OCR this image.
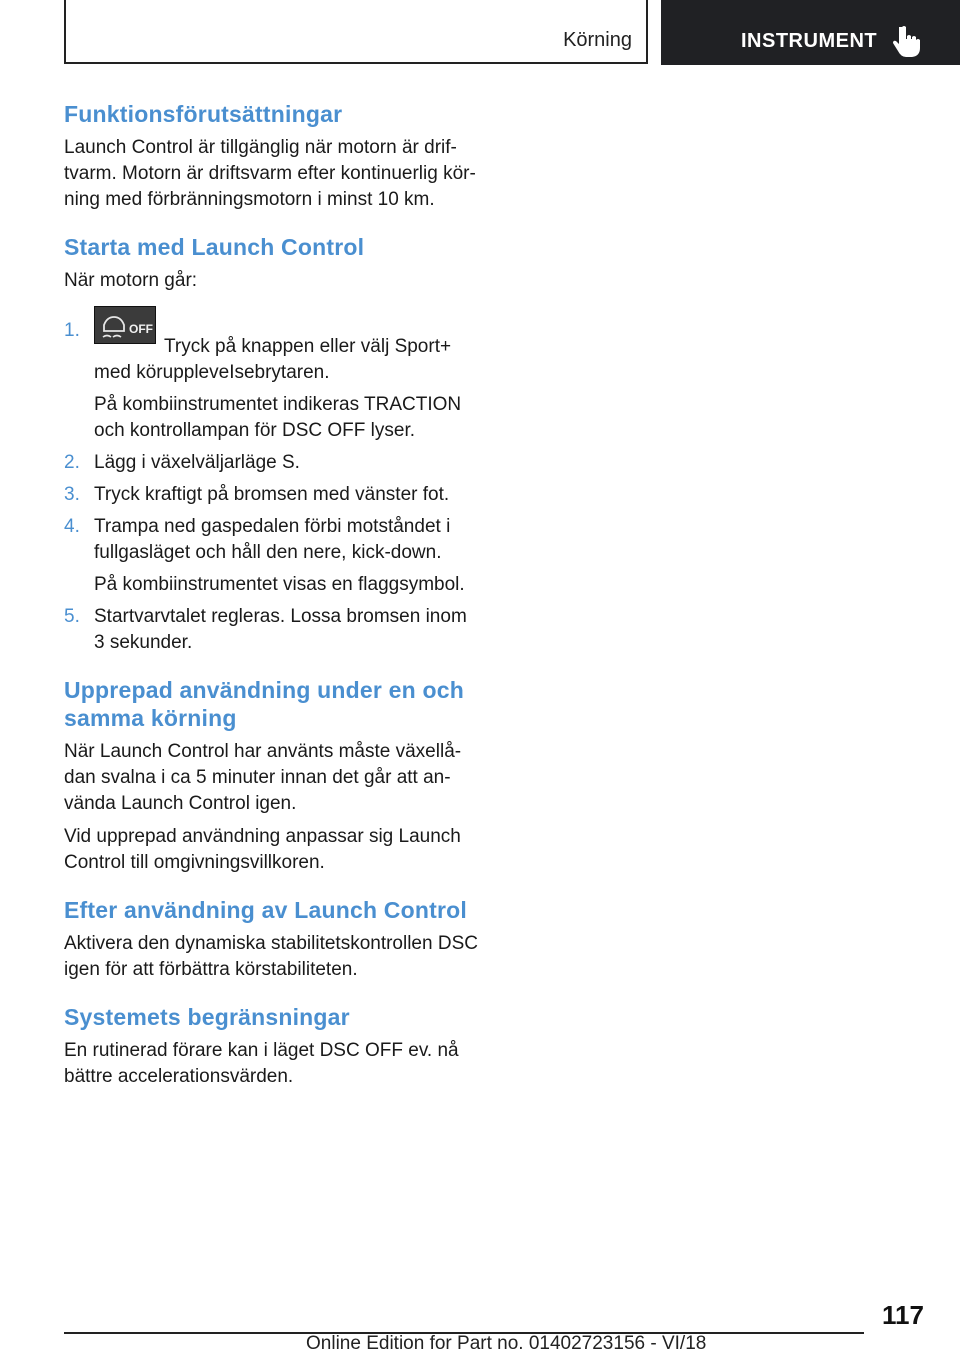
Körning	INSTRUMENT
Funktionsförutsättningar

Launch Control är tillgänglig när motorn är drif-
tvarm. Motorn är driftsvarm efter kontinuerlig kör-
ning med förbränningsmotorn i minst 10 km.

Starta med Launch Control

När motorn går:

1.	OFF
Tryck på knappen eller välj Sport+
med köruppleveIsebrytaren.
På kombiinstrumentet indikeras TRACTION
och kontrollampan för DSC OFF lyser.
2. Lägg i växelväljarläge S.
3. Tryck kraftigt på bromsen med vänster fot.
4. Trampa ned gaspedalen förbi motståndet i
fullgasläget och håll den nere, kick-down.
På kombiinstrumentet visas en flaggsymbol.
5. Startvarvtalet regleras. Lossa bromsen inom
3 sekunder.
Upprepad användning under en och
samma körning

När Launch Control har använts måste växellå-
dan svalna i ca 5 minuter innan det går att an-
vända Launch Control igen.

Vid upprepad användning anpassar sig Launch
Control till omgivningsvillkoren.

Efter användning av Launch Control

Aktivera den dynamiska stabilitetskontrollen DSC
igen för att förbättra körstabiliteten.

Systemets begränsningar

En rutinerad förare kan i läget DSC OFF ev. nå
bättre accelerationsvärden.

117
Online Edition for Part no. 01402723156 - VI/18
